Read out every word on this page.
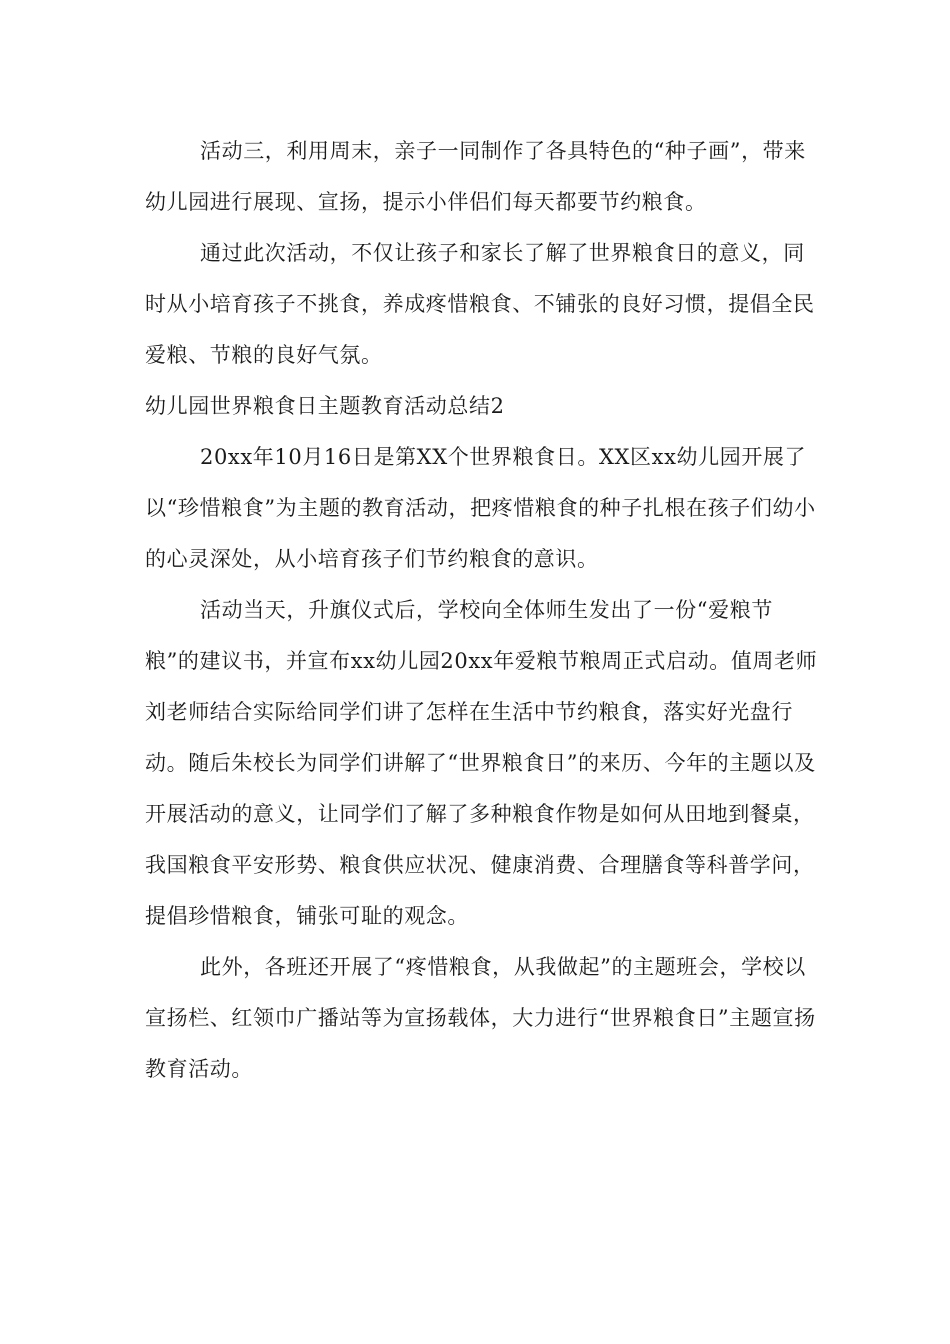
活动三，利用周末，亲子一同制作了各具特色的“种子画”，带来幼儿园进行展现、宣扬，提示小伴侣们每天都要节约粮食。

通过此次活动，不仅让孩子和家长了解了世界粮食日的意义，同时从小培育孩子不挑食，养成疼惜粮食、不铺张的良好习惯，提倡全民爱粮、节粮的良好气氛。

幼儿园世界粮食日主题教育活动总结2

20xx年10月16日是第XX个世界粮食日。XX区xx幼儿园开展了以“珍惜粮食”为主题的教育活动，把疼惜粮食的种子扎根在孩子们幼小的心灵深处，从小培育孩子们节约粮食的意识。

活动当天，升旗仪式后，学校向全体师生发出了一份“爱粮节粮”的建议书，并宣布xx幼儿园20xx年爱粮节粮周正式启动。值周老师刘老师结合实际给同学们讲了怎样在生活中节约粮食，落实好光盘行动。随后朱校长为同学们讲解了“世界粮食日”的来历、今年的主题以及开展活动的意义，让同学们了解了多种粮食作物是如何从田地到餐桌，我国粮食平安形势、粮食供应状况、健康消费、合理膳食等科普学问，提倡珍惜粮食，铺张可耻的观念。

此外，各班还开展了“疼惜粮食，从我做起”的主题班会，学校以宣扬栏、红领巾广播站等为宣扬载体，大力进行“世界粮食日”主题宣扬教育活动。
